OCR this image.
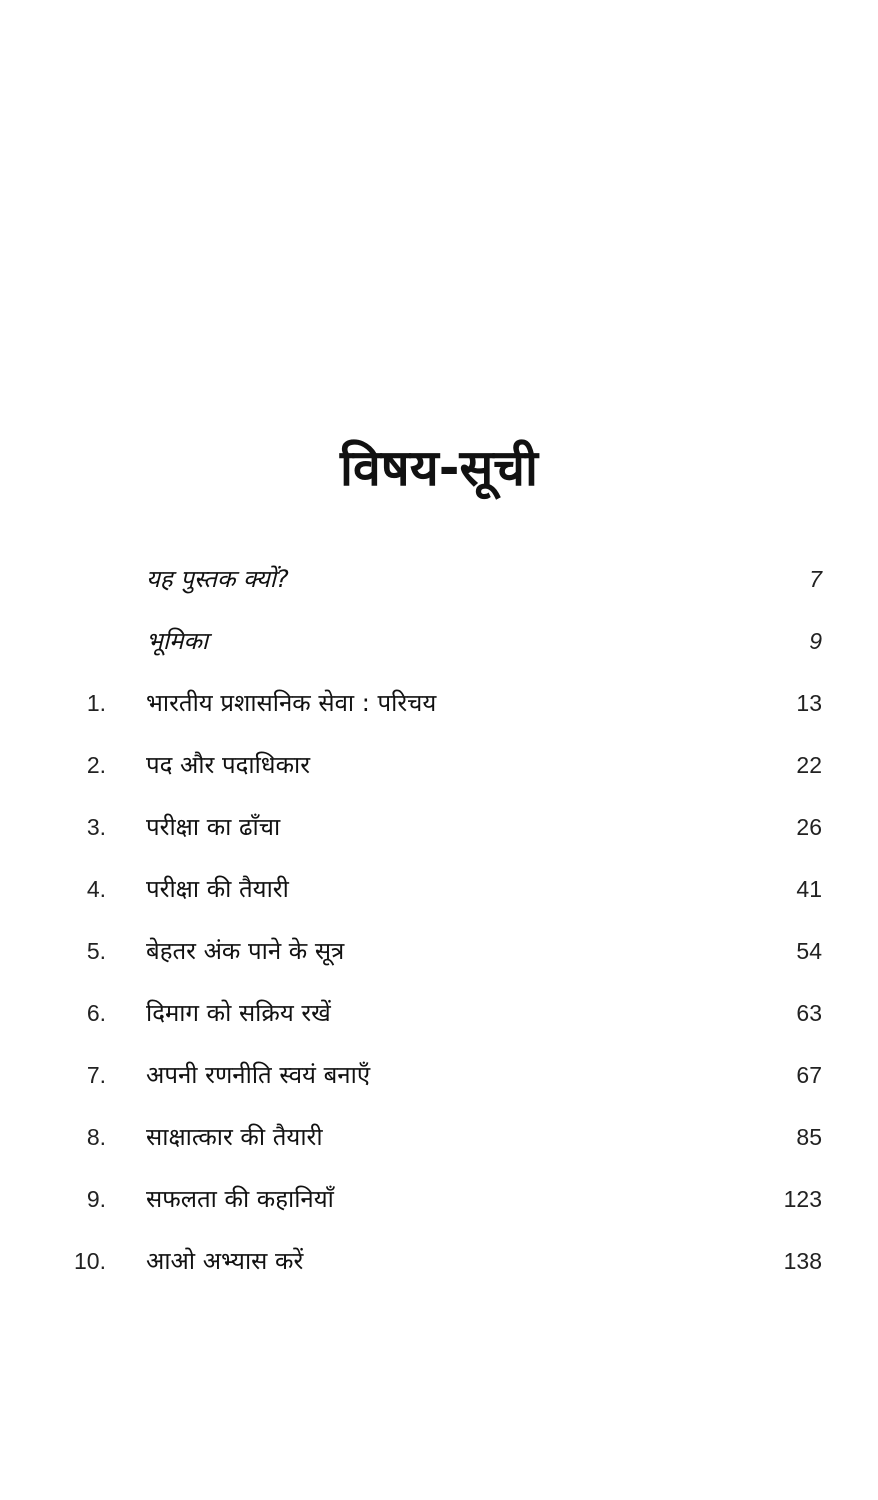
विषय-सूची
यह पुस्तक क्यों?	7
भूमिका	9
1. भारतीय प्रशासनिक सेवा : परिचय	13
2. पद और पदाधिकार	22
3. परीक्षा का ढाँचा	26
4. परीक्षा की तैयारी	41
5. बेहतर अंक पाने के सूत्र	54
6. दिमाग को सक्रिय रखें	63
7. अपनी रणनीति स्वयं बनाएँ	67
8. साक्षात्कार की तैयारी	85
9. सफलता की कहानियाँ	123
10. आओ अभ्यास करें	138
